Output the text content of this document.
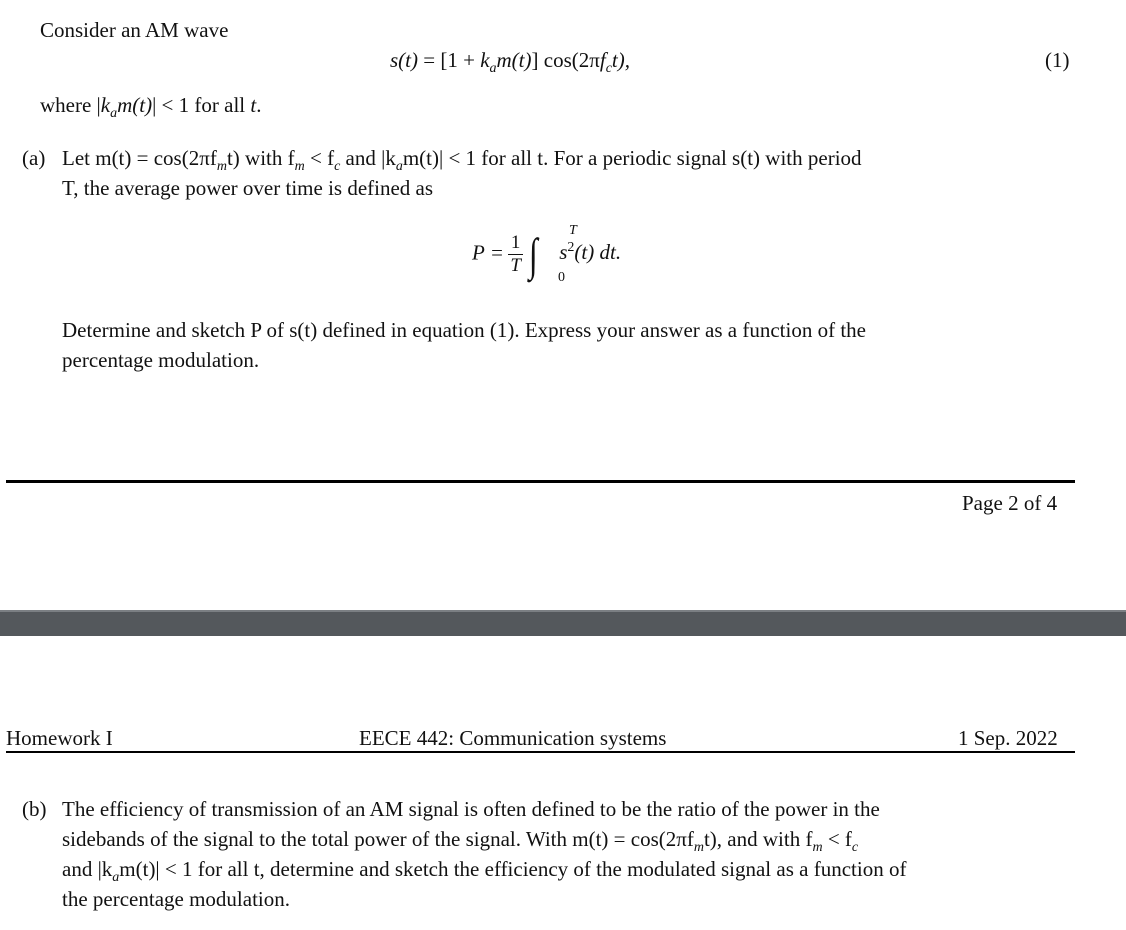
Consider an AM wave
$s(t) = [1 + k_am(t)]$ $\cos(2\pi f_ct)$,	(1)
where $|k_am(t)| < 1$ for all t.
(a) Let $m(t) = \cos(2\pi f_mt)$ with $f_m < f_c$ and $|k_am(t)| < 1$ for all t. For a periodic signal s(t) with period
T, the average power over time is defined as
$P = \frac{1}{T}$ ∫ T
0
$s^2(t)$ dt.
Determine and sketch P of s(t) defined in equation (1). Express your answer as a function of the
percentage modulation.
Page 2 of 4
Homework I	EECE 442: Communication systems	1 Sep. 2022
(b) The efficiency of transmission of an AM signal is often defined to be the ratio of the power in the
sidebands of the signal to the total power of the signal. With $m(t) = \cos(2\pi f_mt)$, and with $f_m < f_c$
and $|k_am(t)| < 1$ for all t, determine and sketch the efficiency of the modulated signal as a function of
the percentage modulation.
